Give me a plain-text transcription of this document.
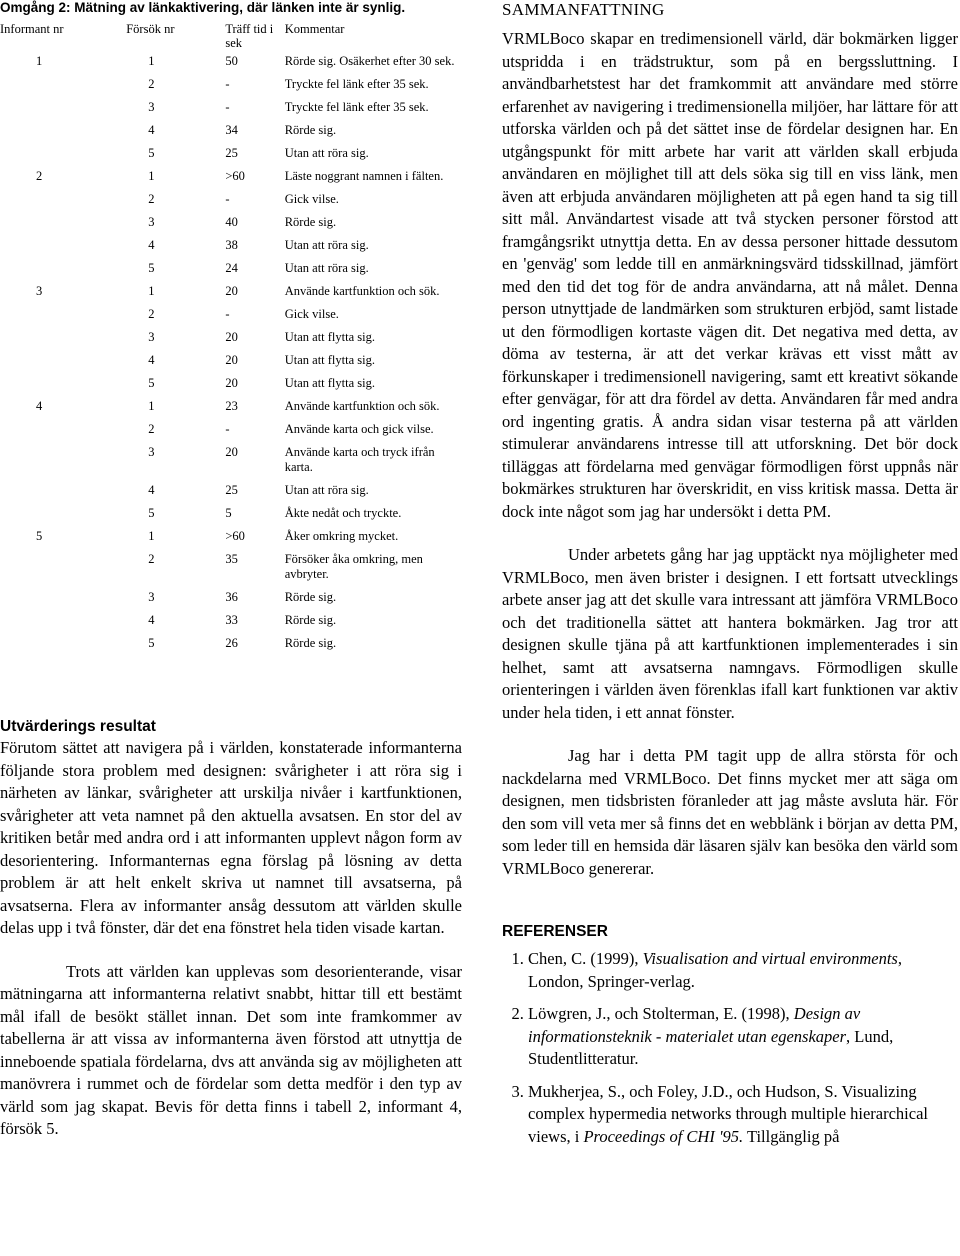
Omgång 2: Mätning av länkaktivering, där länken inte är synlig.

Informant nr	Försök nr	Träff tid i sek	Kommentar
1	1	50	Rörde sig. Osäkerhet efter 30 sek.
	2	-	Tryckte fel länk efter 35 sek.
	3	-	Tryckte fel länk efter 35 sek.
	4	34	Rörde sig.
	5	25	Utan att röra sig.
2	1	>60	Läste noggrant namnen i fälten.
	2	-	Gick vilse.
	3	40	Rörde sig.
	4	38	Utan att röra sig.
	5	24	Utan att röra sig.
3	1	20	Använde kartfunktion och sök.
	2	-	Gick vilse.
	3	20	Utan att flytta sig.
	4	20	Utan att flytta sig.
	5	20	Utan att flytta sig.
4	1	23	Använde kartfunktion och sök.
	2	-	Använde karta och gick vilse.
	3	20	Använde karta och tryck ifrån karta.
	4	25	Utan att röra sig.
	5	5	Åkte nedåt och tryckte.
5	1	>60	Åker omkring mycket.
	2	35	Försöker åka omkring, men avbryter.
	3	36	Rörde sig.
	4	33	Rörde sig.
	5	26	Rörde sig.

Utvärderings resultat

Förutom sättet att navigera på i världen, konstaterade informanterna följande stora problem med designen: svårigheter i att röra sig i närheten av länkar, svårigheter att urskilja nivåer i kartfunktionen, svårigheter att veta namnet på den aktuella avsatsen. En stor del av kritiken betår med andra ord i att informanten upplevt någon form av desorientering. Informanternas egna förslag på lösning av detta problem är att helt enkelt skriva ut namnet till avsatserna, på avsatserna. Flera av informanter ansåg dessutom att världen skulle delas upp i två fönster, där det ena fönstret hela tiden visade kartan.

Trots att världen kan upplevas som desorienterande, visar mätningarna att informanterna relativt snabbt, hittar till ett bestämt mål ifall de besökt stället innan. Det som inte framkommer av tabellerna är att vissa av informanterna även förstod att utnyttja de inneboende spatiala fördelarna, dvs att använda sig av möjligheten att manövrera i rummet och de fördelar som detta medför i den typ av värld som jag skapat. Bevis för detta finns i tabell 2, informant 4, försök 5.

SAMMANFATTNING

VRMLBoco skapar en tredimensionell värld, där bokmärken ligger utspridda i en trädstruktur, som på en bergssluttning. I användbarhetstest har det framkommit att användare med större erfarenhet av navigering i tredimensionella miljöer, har lättare för att utforska världen och på det sättet inse de fördelar designen har. En utgångspunkt för mitt arbete har varit att världen skall erbjuda användaren en möjlighet till att dels söka sig till en viss länk, men även att erbjuda användaren möjligheten att på egen hand ta sig till sitt mål. Användartest visade att två stycken personer förstod att framgångsrikt utnyttja detta. En av dessa personer hittade dessutom en 'genväg' som ledde till en anmärkningsvärd tidsskillnad, jämfört med den tid det tog för de andra användarna, att nå målet. Denna person utnyttjade de landmärken som strukturen erbjöd, samt listade ut den förmodligen kortaste vägen dit. Det negativa med detta, av döma av testerna, är att det verkar krävas ett visst mått av förkunskaper i tredimensionell navigering, samt ett kreativt sökande efter genvägar, för att dra fördel av detta. Användaren får med andra ord ingenting gratis. Å andra sidan visar testerna på att världen stimulerar användarens intresse till att utforskning. Det bör dock tilläggas att fördelarna med genvägar förmodligen först uppnås när bokmärkes strukturen har överskridit, en viss kritisk massa. Detta är dock inte något som jag har undersökt i detta PM.

Under arbetets gång har jag upptäckt nya möjligheter med VRMLBoco, men även brister i designen. I ett fortsatt utvecklings arbete anser jag att det skulle vara intressant att jämföra VRMLBoco och det traditionella sättet att hantera bokmärken. Jag tror att designen skulle tjäna på att kartfunktionen implementerades i sin helhet, samt att avsatserna namngavs. Förmodligen skulle orienteringen i världen även förenklas ifall kart funktionen var aktiv under hela tiden, i ett annat fönster.

Jag har i detta PM tagit upp de allra största för och nackdelarna med VRMLBoco. Det finns mycket mer att säga om designen, men tidsbristen föranleder att jag måste avsluta här. För den som vill veta mer så finns det en webblänk i början av detta PM, som leder till en hemsida där läsaren själv kan besöka den värld som VRMLBoco genererar.

REFERENSER

1. Chen, C. (1999), Visualisation and virtual environments, London, Springer-verlag.
2. Löwgren, J., och Stolterman, E. (1998), Design av informationsteknik - materialet utan egenskaper, Lund, Studentlitteratur.
3. Mukherjea, S., och Foley, J.D., och Hudson, S. Visualizing complex hypermedia networks through multiple hierarchical views, i Proceedings of CHI '95. Tillgänglig på
